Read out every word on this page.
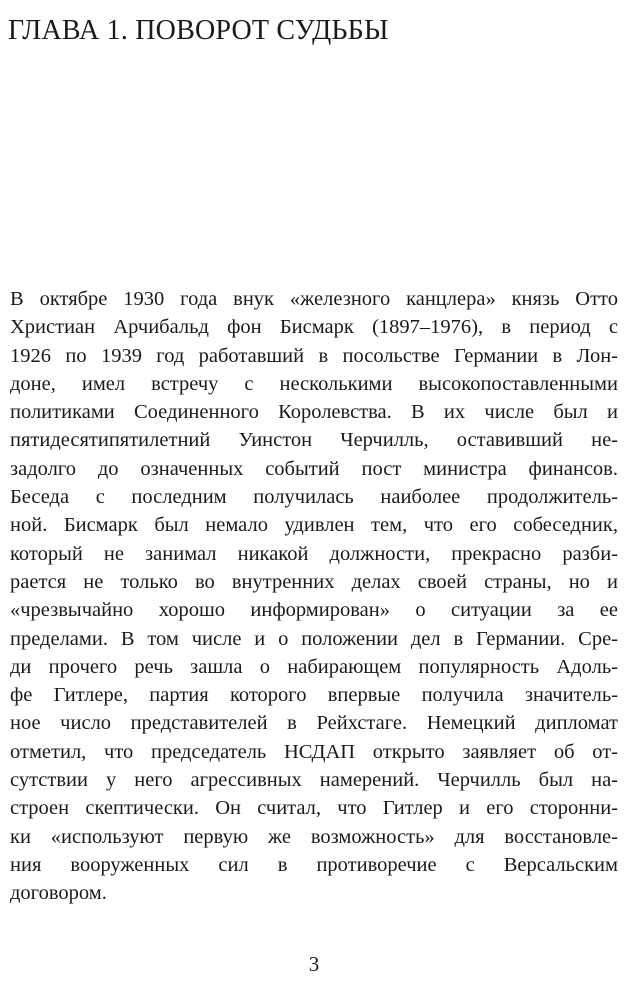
ГЛАВА 1. ПОВОРОТ СУДЬБЫ
В октябре 1930 года внук «железного канцлера» князь Отто
Христиан Арчибальд фон Бисмарк (1897–1976), в период с
1926 по 1939 год работавший в посольстве Германии в Лон-
доне, имел встречу с несколькими высокопоставленными
политиками Соединенного Королевства. В их числе был и
пятидесятипятилетний Уинстон Черчилль, оставивший не-
задолго до означенных событий пост министра финансов.
Беседа с последним получилась наиболее продолжитель-
ной. Бисмарк был немало удивлен тем, что его собеседник,
который не занимал никакой должности, прекрасно разби-
рается не только во внутренних делах своей страны, но и
«чрезвычайно хорошо информирован» о ситуации за ее
пределами. В том числе и о положении дел в Германии. Сре-
ди прочего речь зашла о набирающем популярность Адоль-
фе Гитлере, партия которого впервые получила значитель-
ное число представителей в Рейхстаге. Немецкий дипломат
отметил, что председатель НСДАП открыто заявляет об от-
сутствии у него агрессивных намерений. Черчилль был на-
строен скептически. Он считал, что Гитлер и его сторонни-
ки «используют первую же возможность» для восстановле-
ния вооруженных сил в противоречие с Версальским
договором.
3
